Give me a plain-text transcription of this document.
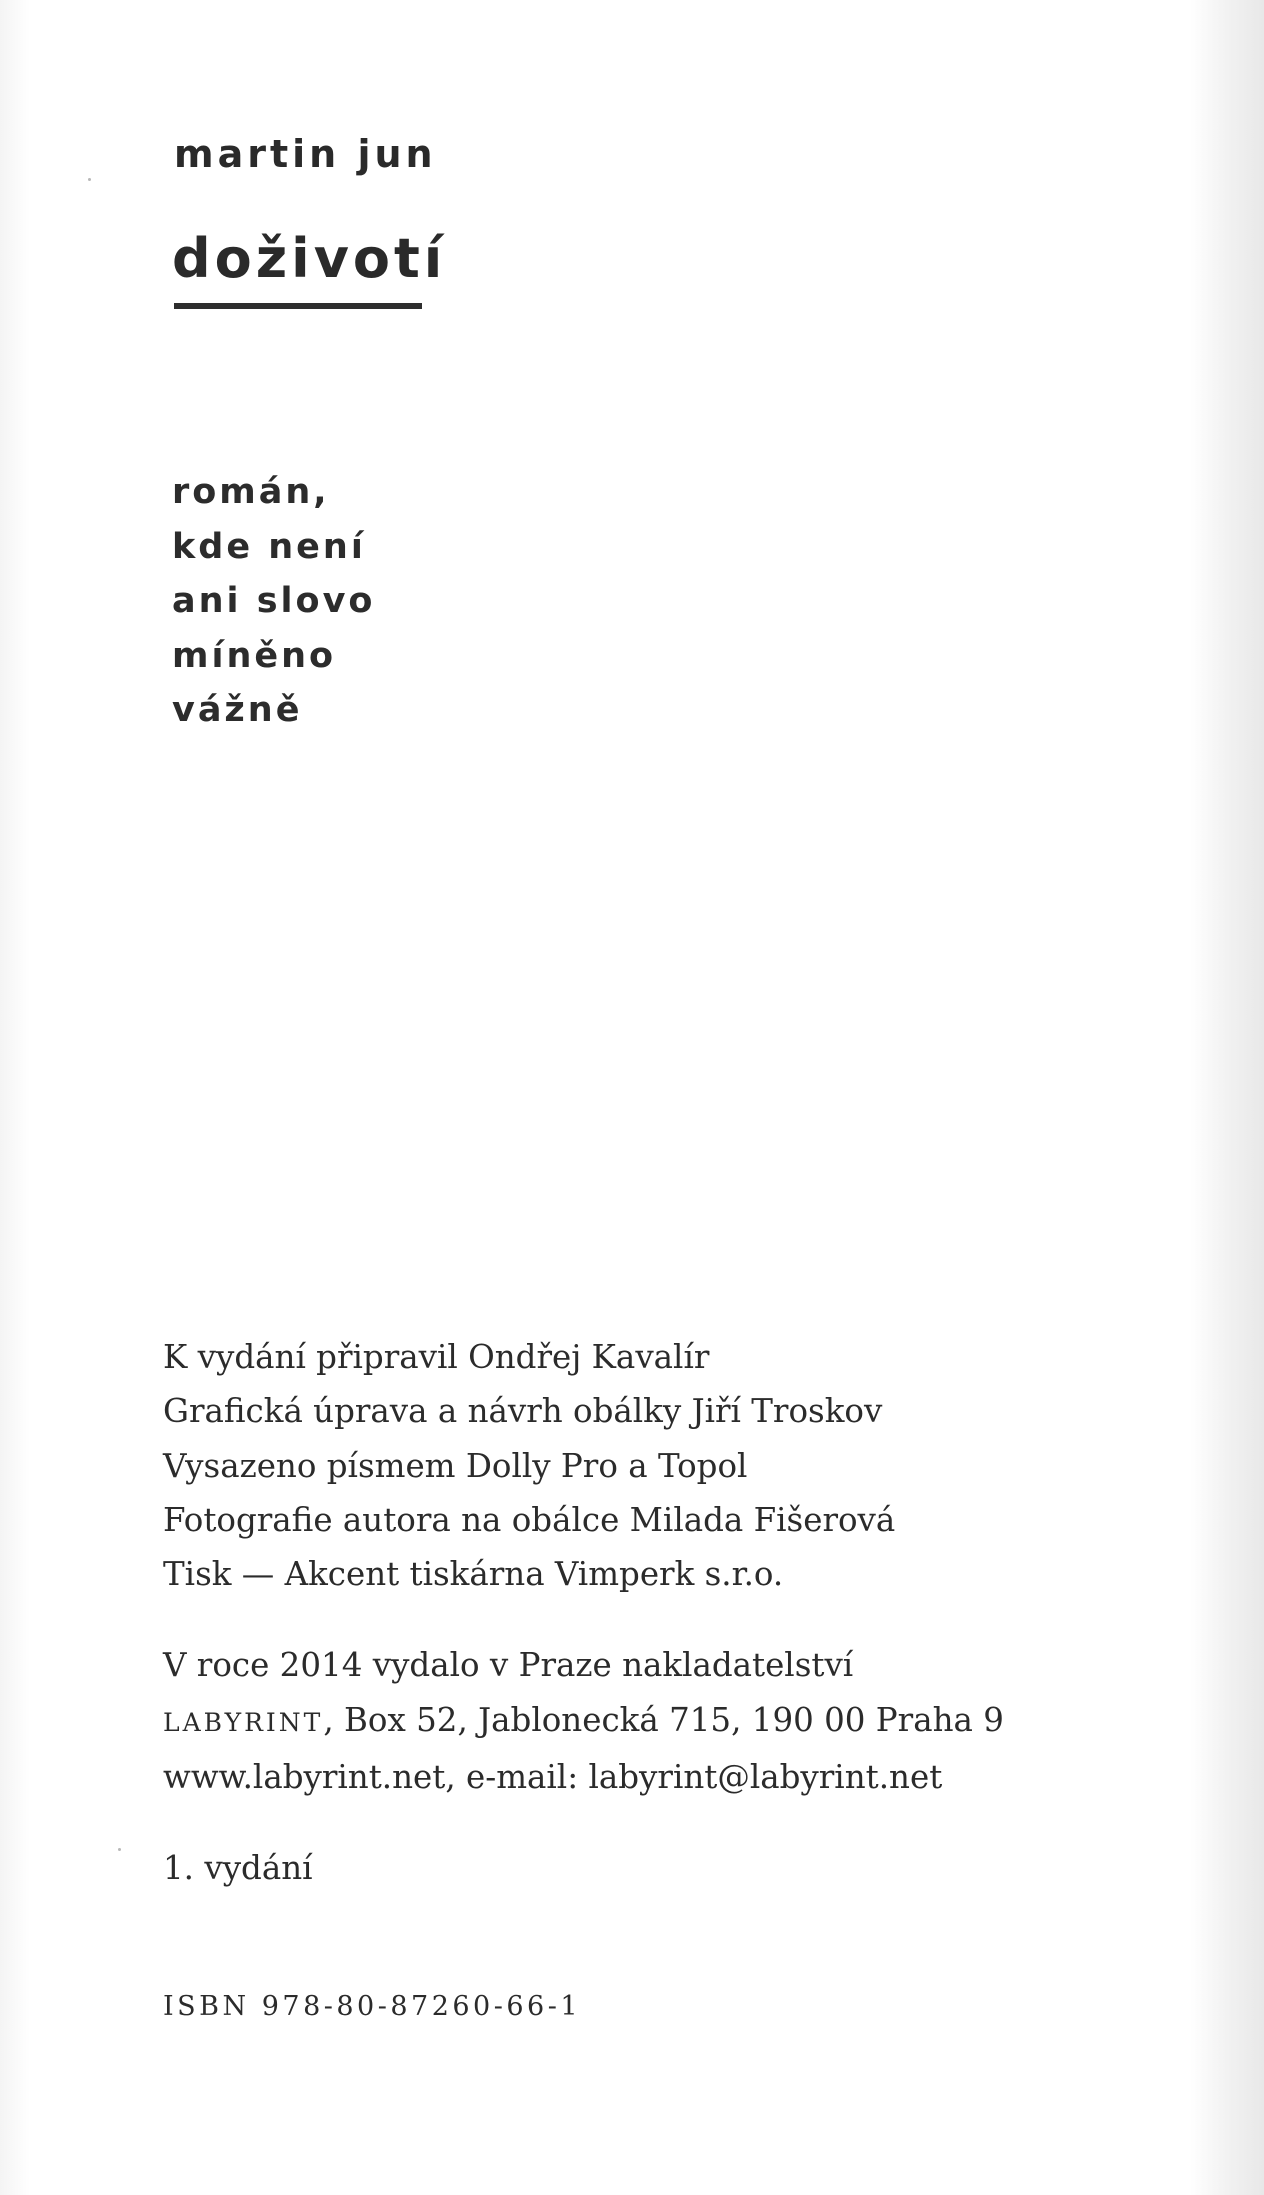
martin jun
doživotí
román,
kde není
ani slovo
míněno
vážně
K vydání připravil Ondřej Kavalír
Grafická úprava a návrh obálky Jiří Troskov
Vysazeno písmem Dolly Pro a Topol
Fotografie autora na obálce Milada Fišerová
Tisk — Akcent tiskárna Vimperk s.r.o.
V roce 2014 vydalo v Praze nakladatelství
LABYRINT, Box 52, Jablonecká 715, 190 00 Praha 9
www.labyrint.net, e-mail: labyrint@labyrint.net
1. vydání
ISBN 978-80-87260-66-1
